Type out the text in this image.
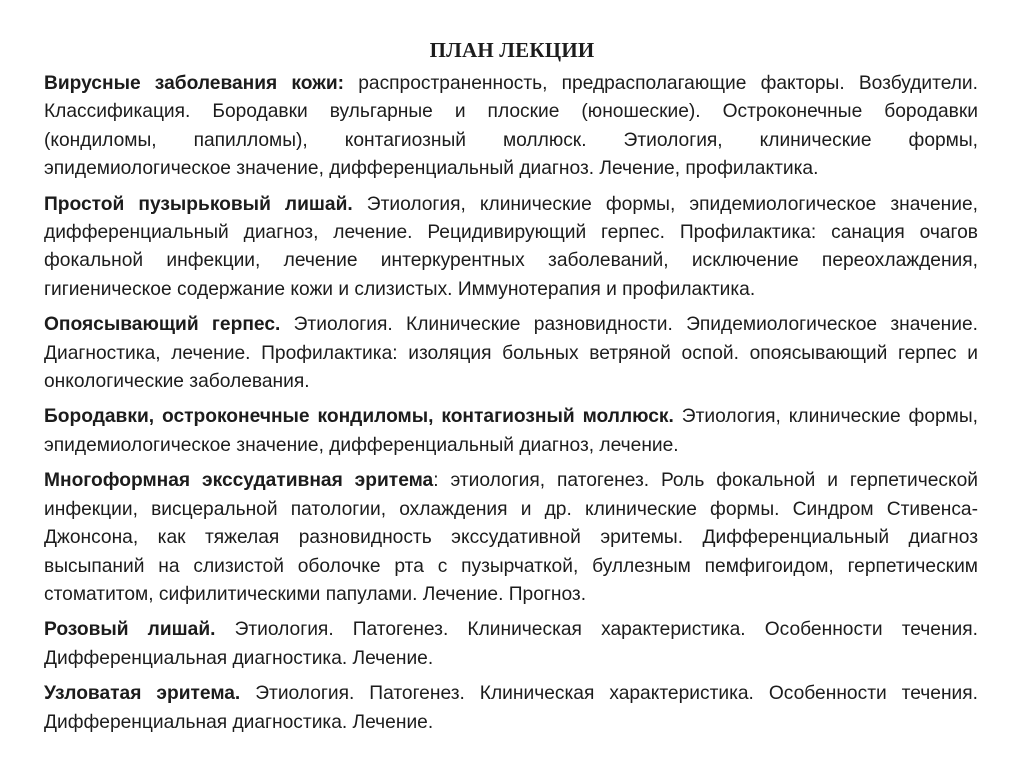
ПЛАН ЛЕКЦИИ

Вирусные заболевания кожи: распространенность, предрасполагающие факторы. Возбудители. Классификация. Бородавки вульгарные и плоские (юношеские). Остроконечные бородавки (кондиломы, папилломы), контагиозный моллюск. Этиология, клинические формы, эпидемиологическое значение, дифференциальный диагноз. Лечение, профилактика.

Простой пузырьковый лишай. Этиология, клинические формы, эпидемиологическое значение, дифференциальный диагноз, лечение. Рецидивирующий герпес. Профилактика: санация очагов фокальной инфекции, лечение интеркурентных заболеваний, исключение переохлаждения, гигиеническое содержание кожи и слизистых. Иммунотерапия и профилактика.

Опоясывающий герпес. Этиология. Клинические разновидности. Эпидемиологическое значение. Диагностика, лечение. Профилактика: изоляция больных ветряной оспой. опоясывающий герпес и онкологические заболевания.

Бородавки, остроконечные кондиломы, контагиозный моллюск. Этиология, клинические формы, эпидемиологическое значение, дифференциальный диагноз, лечение.

Многоформная экссудативная эритема: этиология, патогенез. Роль фокальной и герпетической инфекции, висцеральной патологии, охлаждения и др. клинические формы. Синдром Стивенса-Джонсона, как тяжелая разновидность экссудативной эритемы. Дифференциальный диагноз высыпаний на слизистой оболочке рта с пузырчаткой, буллезным пемфигоидом, герпетическим стоматитом, сифилитическими папулами. Лечение. Прогноз.

Розовый лишай. Этиология. Патогенез. Клиническая характеристика. Особенности течения. Дифференциальная диагностика. Лечение.

Узловатая эритема. Этиология. Патогенез. Клиническая характеристика. Особенности течения. Дифференциальная диагностика. Лечение.
